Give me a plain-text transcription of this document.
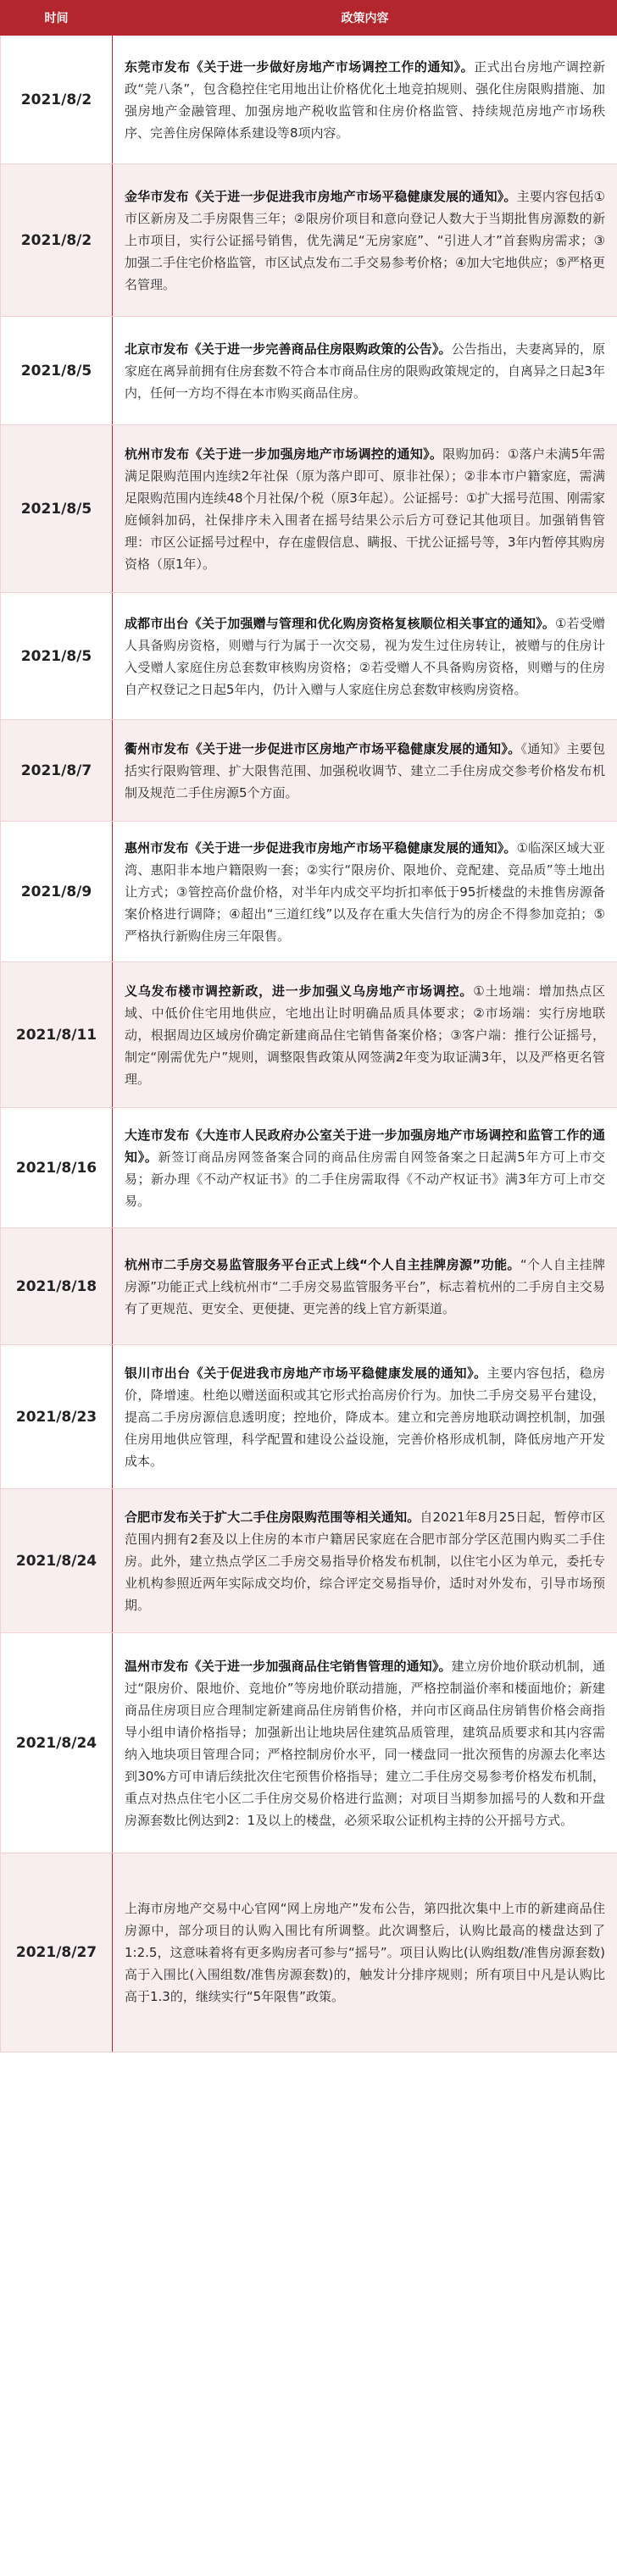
时间	政策内容
2021/8/2	东莞市发布《关于进一步做好房地产市场调控工作的通知》。正式出台房地产调控新政“莞八条”，包含稳控住宅用地出让价格优化土地竞拍规则、强化住房限购措施、加强房地产金融管理、加强房地产税收监管和住房价格监管、持续规范房地产市场秩序、完善住房保障体系建设等8项内容。
2021/8/2	金华市发布《关于进一步促进我市房地产市场平稳健康发展的通知》。主要内容包括①市区新房及二手房限售三年；②限房价项目和意向登记人数大于当期批售房源数的新上市项目，实行公证摇号销售，优先满足“无房家庭”、“引进人才”首套购房需求；③加强二手住宅价格监管，市区试点发布二手交易参考价格；④加大宅地供应；⑤严格更名管理。
2021/8/5	北京市发布《关于进一步完善商品住房限购政策的公告》。公告指出，夫妻离异的，原家庭在离异前拥有住房套数不符合本市商品住房的限购政策规定的，自离异之日起3年内，任何一方均不得在本市购买商品住房。
2021/8/5	杭州市发布《关于进一步加强房地产市场调控的通知》。限购加码：①落户未满5年需满足限购范围内连续2年社保（原为落户即可、原非社保）；②非本市户籍家庭，需满足限购范围内连续48个月社保/个税（原3年起）。公证摇号：①扩大摇号范围、刚需家庭倾斜加码，社保排序未入围者在摇号结果公示后方可登记其他项目。加强销售管理：市区公证摇号过程中，存在虚假信息、瞒报、干扰公证摇号等，3年内暂停其购房资格（原1年）。
2021/8/5	成都市出台《关于加强赠与管理和优化购房资格复核顺位相关事宜的通知》。①若受赠人具备购房资格，则赠与行为属于一次交易，视为发生过住房转让，被赠与的住房计入受赠人家庭住房总套数审核购房资格；②若受赠人不具备购房资格，则赠与的住房自产权登记之日起5年内，仍计入赠与人家庭住房总套数审核购房资格。
2021/8/7	衢州市发布《关于进一步促进市区房地产市场平稳健康发展的通知》。《通知》主要包括实行限购管理、扩大限售范围、加强税收调节、建立二手住房成交参考价格发布机制及规范二手住房源5个方面。
2021/8/9	惠州市发布《关于进一步促进我市房地产市场平稳健康发展的通知》。①临深区域大亚湾、惠阳非本地户籍限购一套；②实行“限房价、限地价、竞配建、竞品质”等土地出让方式；③管控高价盘价格，对半年内成交平均折扣率低于95折楼盘的未推售房源备案价格进行调降；④超出“三道红线”以及存在重大失信行为的房企不得参加竞拍；⑤严格执行新购住房三年限售。
2021/8/11	义乌发布楼市调控新政，进一步加强义乌房地产市场调控。①土地端：增加热点区域、中低价住宅用地供应，宅地出让时明确品质具体要求；②市场端：实行房地联动，根据周边区域房价确定新建商品住宅销售备案价格；③客户端：推行公证摇号，制定“刚需优先户”规则，调整限售政策从网签满2年变为取证满3年，以及严格更名管理。
2021/8/16	大连市发布《大连市人民政府办公室关于进一步加强房地产市场调控和监管工作的通知》。新签订商品房网签备案合同的商品住房需自网签备案之日起满5年方可上市交易；新办理《不动产权证书》的二手住房需取得《不动产权证书》满3年方可上市交易。
2021/8/18	杭州市二手房交易监管服务平台正式上线“个人自主挂牌房源”功能。“个人自主挂牌房源”功能正式上线杭州市“二手房交易监管服务平台”，标志着杭州的二手房自主交易有了更规范、更安全、更便捷、更完善的线上官方新渠道。
2021/8/23	银川市出台《关于促进我市房地产市场平稳健康发展的通知》。主要内容包括，稳房价，降增速。杜绝以赠送面积或其它形式抬高房价行为。加快二手房交易平台建设，提高二手房房源信息透明度；控地价，降成本。建立和完善房地联动调控机制，加强住房用地供应管理，科学配置和建设公益设施，完善价格形成机制，降低房地产开发成本。
2021/8/24	合肥市发布关于扩大二手住房限购范围等相关通知。自2021年8月25日起，暂停市区范围内拥有2套及以上住房的本市户籍居民家庭在合肥市部分学区范围内购买二手住房。此外，建立热点学区二手房交易指导价格发布机制，以住宅小区为单元，委托专业机构参照近两年实际成交均价，综合评定交易指导价，适时对外发布，引导市场预期。
2021/8/24	温州市发布《关于进一步加强商品住宅销售管理的通知》。建立房价地价联动机制，通过“限房价、限地价、竞地价”等房地价联动措施，严格控制溢价率和楼面地价；新建商品住房项目应合理制定新建商品住房销售价格，并向市区商品住房销售价格会商指导小组申请价格指导；加强新出让地块居住建筑品质管理，建筑品质要求和其内容需纳入地块项目管理合同；严格控制房价水平，同一楼盘同一批次预售的房源去化率达到30%方可申请后续批次住宅预售价格指导；建立二手住房交易参考价格发布机制，重点对热点住宅小区二手住房交易价格进行监测；对项目当期参加摇号的人数和开盘房源套数比例达到2：1及以上的楼盘，必须采取公证机构主持的公开摇号方式。
2021/8/27	上海市房地产交易中心官网“网上房地产”发布公告，第四批次集中上市的新建商品住房源中，部分项目的认购入围比有所调整。此次调整后，认购比最高的楼盘达到了1:2.5，这意味着将有更多购房者可参与“摇号”。项目认购比(认购组数/准售房源套数)高于入围比(入围组数/准售房源套数)的，触发计分排序规则；所有项目中凡是认购比高于1.3的，继续实行“5年限售”政策。
